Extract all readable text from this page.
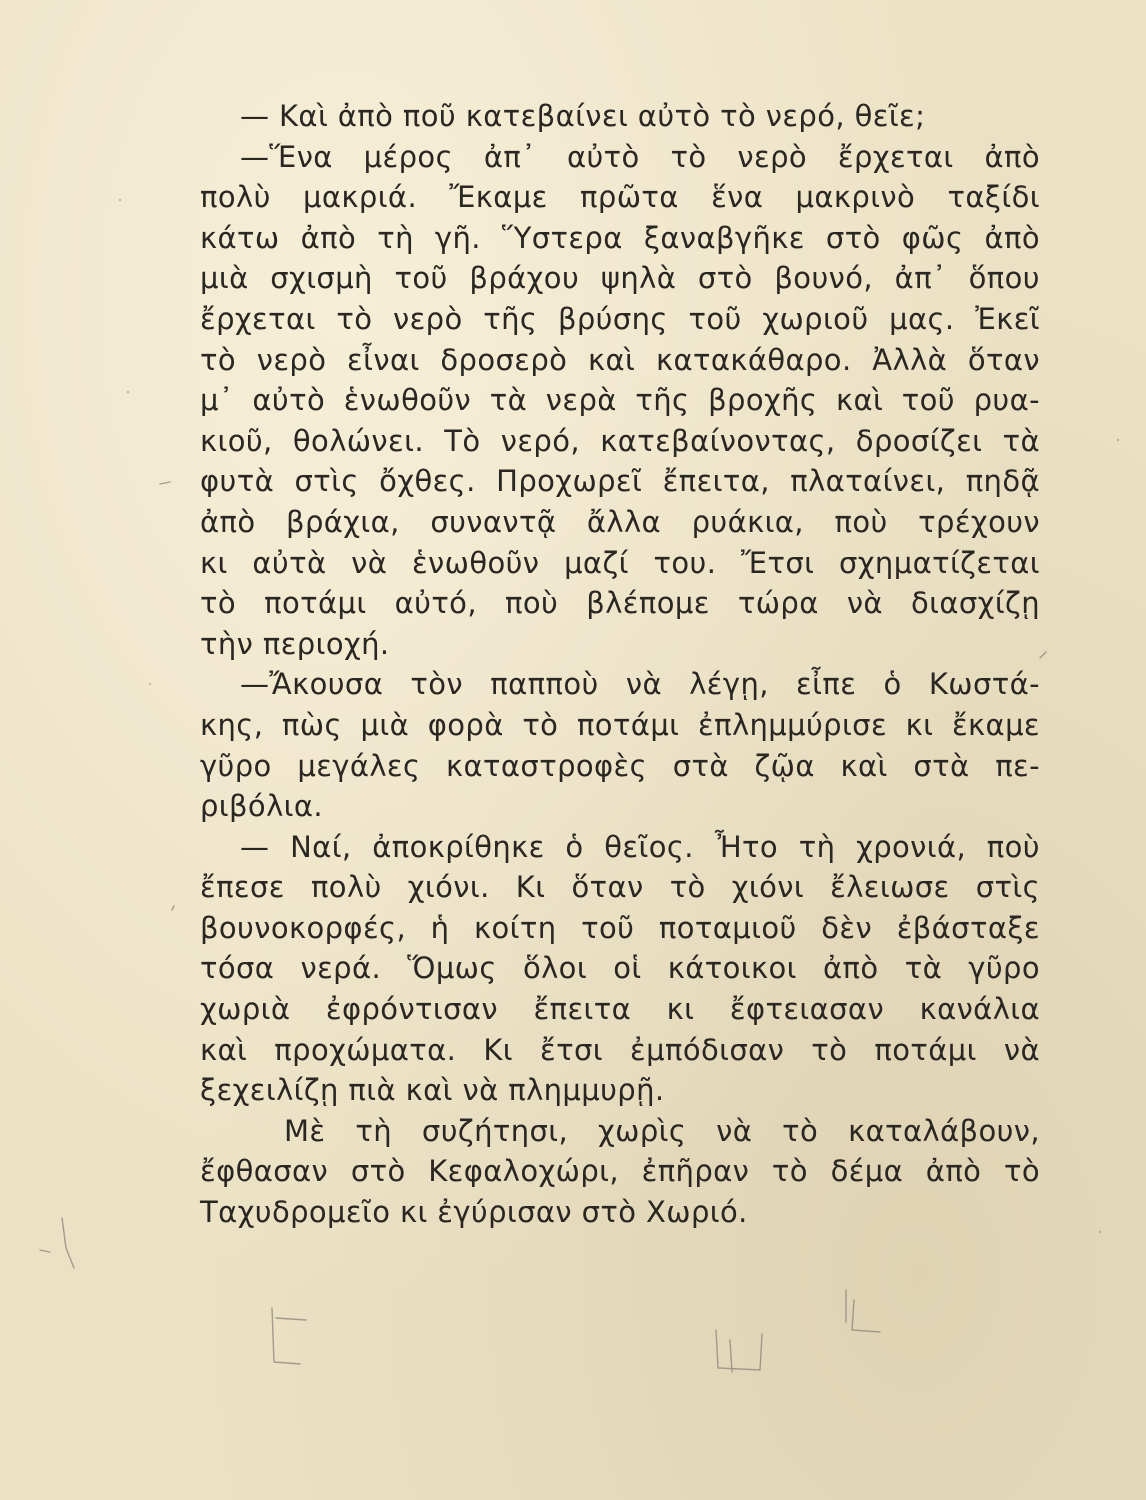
— Καὶ ἀπὸ ποῦ κατεβαίνει αὐτὸ τὸ νερό, θεῖε;
—Ἕνα μέρος ἀπ᾽ αὐτὸ τὸ νερὸ ἔρχεται ἀπὸ
πολὺ μακριά. Ἔκαμε πρῶτα ἕνα μακρινὸ ταξίδι
κάτω ἀπὸ τὴ γῆ. Ὕστερα ξαναβγῆκε στὸ φῶς ἀπὸ
μιὰ σχισμὴ τοῦ βράχου ψηλὰ στὸ βουνό, ἀπ᾽ ὅπου
ἔρχεται τὸ νερὸ τῆς βρύσης τοῦ χωριοῦ μας. Ἐκεῖ
τὸ νερὸ εἶναι δροσερὸ καὶ κατακάθαρο. Ἀλλὰ ὅταν
μ᾽ αὐτὸ ἑνωθοῦν τὰ νερὰ τῆς βροχῆς καὶ τοῦ ρυα-
κιοῦ, θολώνει. Τὸ νερό, κατεβαίνοντας, δροσίζει τὰ
φυτὰ στὶς ὄχθες. Προχωρεῖ ἔπειτα, πλαταίνει, πηδᾷ
ἀπὸ βράχια, συναντᾷ ἄλλα ρυάκια, ποὺ τρέχουν
κι αὐτὰ νὰ ἑνωθοῦν μαζί του. Ἔτσι σχηματίζεται
τὸ ποτάμι αὐτό, ποὺ βλέπομε τώρα νὰ διασχίζῃ
τὴν περιοχή.
—Ἄκουσα τὸν παπποὺ νὰ λέγῃ, εἶπε ὁ Κωστά-
κης, πὼς μιὰ φορὰ τὸ ποτάμι ἐπλημμύρισε κι ἔκαμε
γῦρο μεγάλες καταστροφὲς στὰ ζῷα καὶ στὰ πε-
ριβόλια.
— Ναί, ἀποκρίθηκε ὁ θεῖος. Ἦτο τὴ χρονιά, ποὺ
ἔπεσε πολὺ χιόνι. Κι ὅταν τὸ χιόνι ἔλειωσε στὶς
βουνοκορφές, ἡ κοίτη τοῦ ποταμιοῦ δὲν ἐβάσταξε
τόσα νερά. Ὅμως ὅλοι οἱ κάτοικοι ἀπὸ τὰ γῦρο
χωριὰ ἐφρόντισαν ἔπειτα κι ἔφτειασαν κανάλια
καὶ προχώματα. Κι ἔτσι ἐμπόδισαν τὸ ποτάμι νὰ
ξεχειλίζῃ πιὰ καὶ νὰ πλημμυρῇ.
Μὲ τὴ συζήτησι, χωρὶς νὰ τὸ καταλάβουν,
ἔφθασαν στὸ Κεφαλοχώρι, ἐπῆραν τὸ δέμα ἀπὸ τὸ
Ταχυδρομεῖο κι ἐγύρισαν στὸ Χωριό.
